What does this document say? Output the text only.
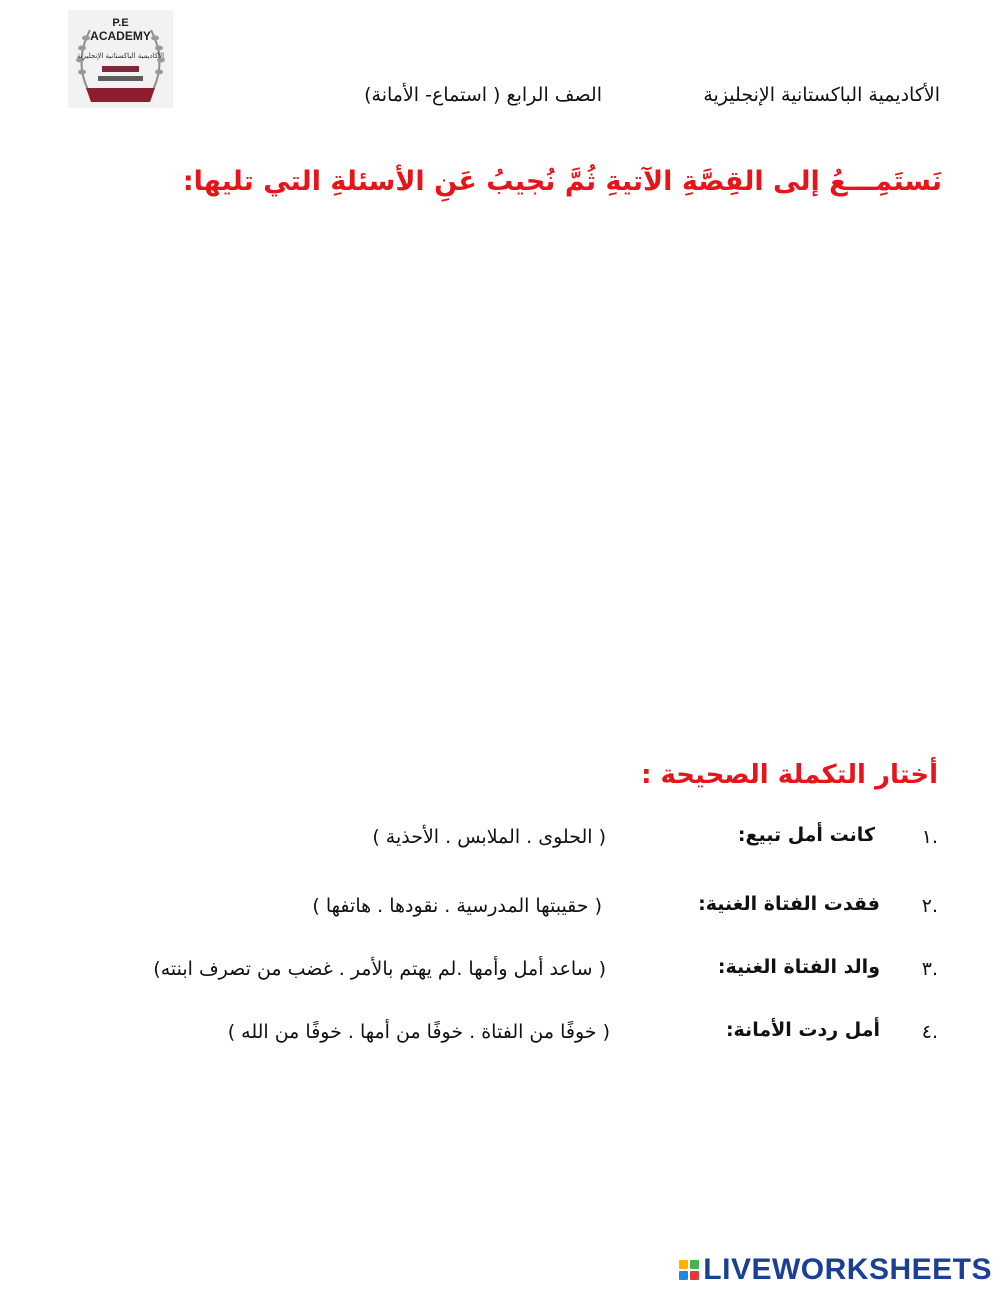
P.E
ACADEMY
الأكاديمية الباكستانية الإنجليزية
الأكاديمية الباكستانية الإنجليزية
الصف الرابع ( استماع- الأمانة)
نَستَمِـــعُ إلى القِصَّةِ الآتيةِ ثُمَّ نُجيبُ عَنِ الأسئلةِ التي تليها:
أختار التكملة الصحيحة :
.١
كانت أمل تبيع:
( الحلوى . الملابس . الأحذية )
.٢
فقدت الفتاة الغنية:
( حقيبتها المدرسية . نقودها . هاتفها )
.٣
والد الفتاة الغنية:
( ساعد أمل وأمها .لم يهتم بالأمر . غضب من تصرف ابنته)
.٤
أمل ردت الأمانة:
( خوفًا من الفتاة . خوفًا من أمها . خوفًا من الله )
LIVEWORKSHEETS
